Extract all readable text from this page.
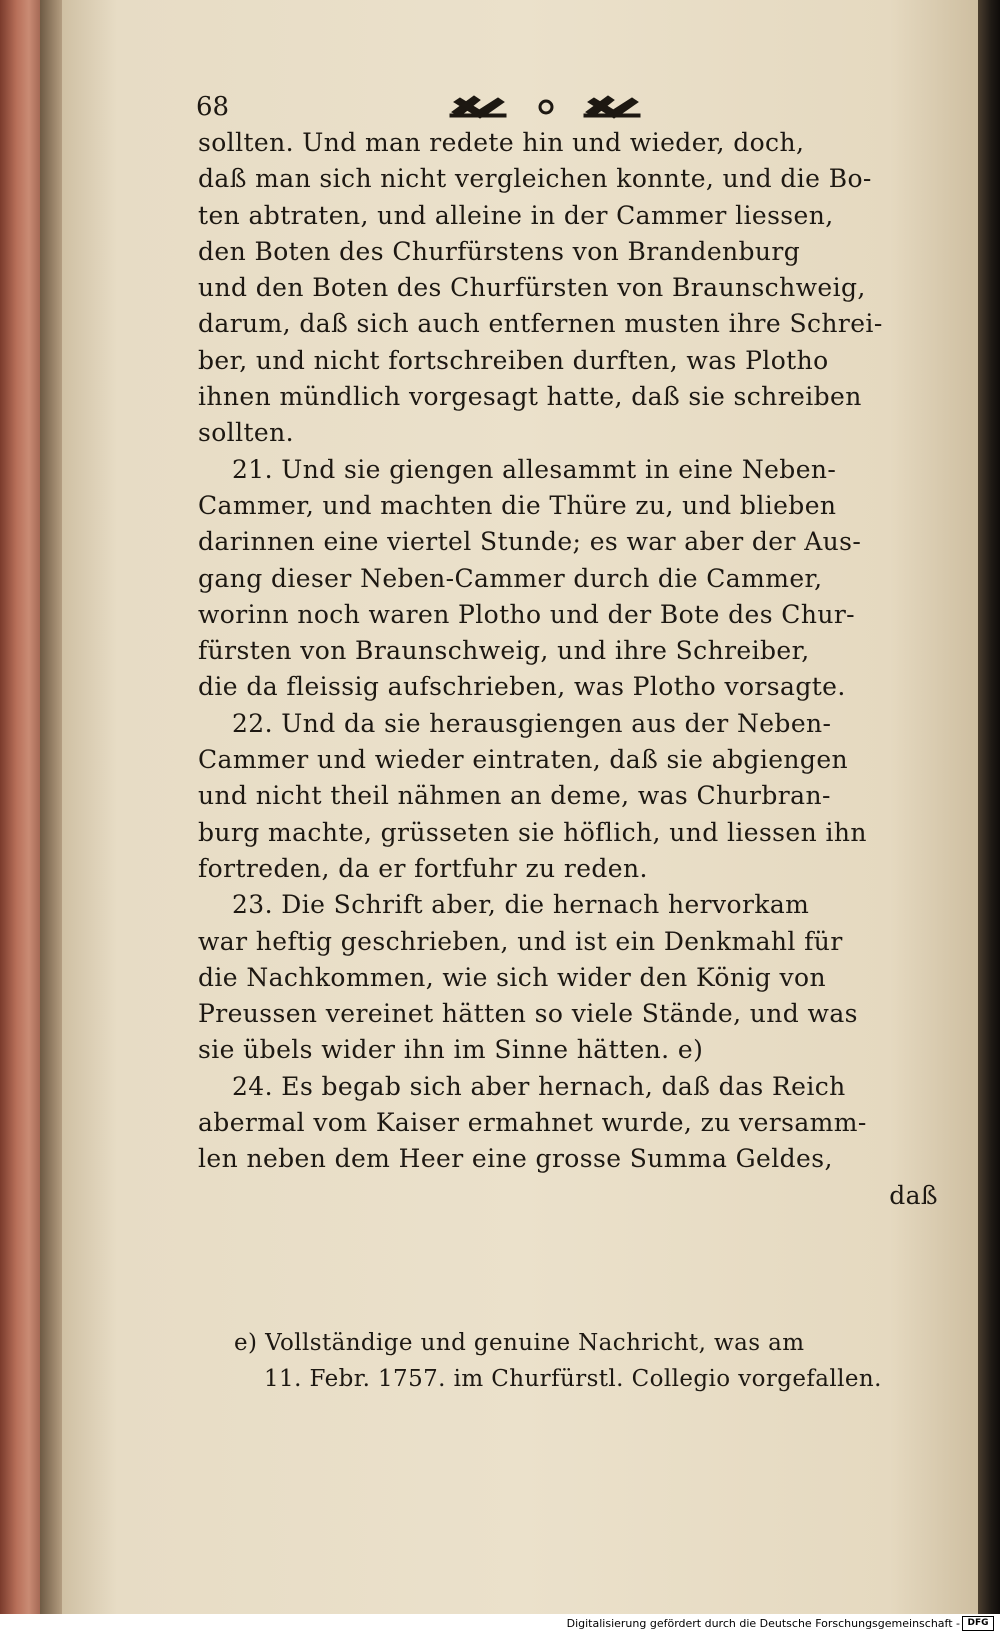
68
sollten. Und man redete hin und wieder, doch,
daß man sich nicht vergleichen konnte, und die Bo-
ten abtraten, und alleine in der Cammer liessen,
den Boten des Churfürstens von Brandenburg
und den Boten des Churfürsten von Braunschweig,
darum, daß sich auch entfernen musten ihre Schrei-
ber, und nicht fortschreiben durften, was Plotho
ihnen mündlich vorgesagt hatte, daß sie schreiben
sollten.
21. Und sie giengen allesammt in eine Neben-
Cammer, und machten die Thüre zu, und blieben
darinnen eine viertel Stunde; es war aber der Aus-
gang dieser Neben-Cammer durch die Cammer,
worinn noch waren Plotho und der Bote des Chur-
fürsten von Braunschweig, und ihre Schreiber,
die da fleissig aufschrieben, was Plotho vorsagte.
22. Und da sie herausgiengen aus der Neben-
Cammer und wieder eintraten, daß sie abgiengen
und nicht theil nähmen an deme, was Churbran-
burg machte, grüsseten sie höflich, und liessen ihn
fortreden, da er fortfuhr zu reden.
23. Die Schrift aber, die hernach hervorkam
war heftig geschrieben, und ist ein Denkmahl für
die Nachkommen, wie sich wider den König von
Preussen vereinet hätten so viele Stände, und was
sie übels wider ihn im Sinne hätten. e)
24. Es begab sich aber hernach, daß das Reich
abermal vom Kaiser ermahnet wurde, zu versamm-
len neben dem Heer eine grosse Summa Geldes,
daß
e) Vollständige und genuine Nachricht, was am
11. Febr. 1757. im Churfürstl. Collegio vorgefallen.
Digitalisierung gefördert durch die Deutsche Forschungsgemeinschaft - DFG
